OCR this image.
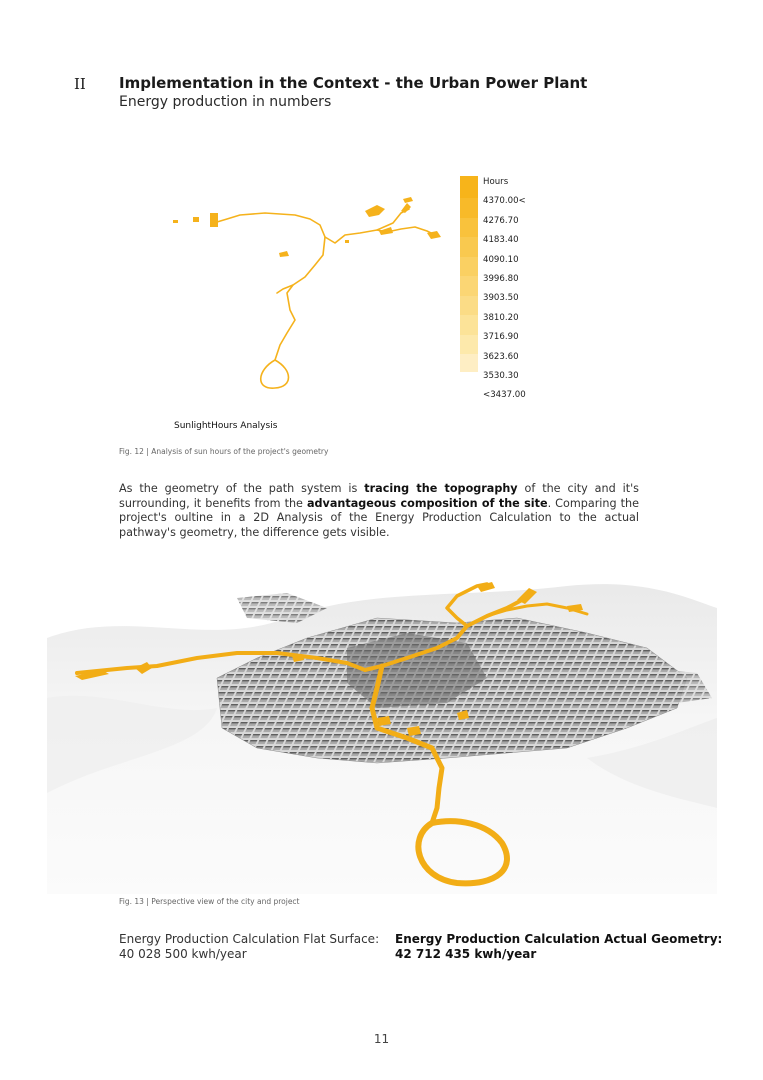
II Implementation in the Context - the Urban Power Plant
Energy production in numbers
Hours
4370.00<
4276.70
4183.40
4090.10
3996.80
3903.50
3810.20
3716.90
3623.60
3530.30
<3437.00
SunlightHours Analysis
Fig. 12 | Analysis of sun hours of the project's geometry
As the geometry of the path system is tracing the topography of the city and it's surrounding, it benefits from the advantageous composition of the site. Comparing the project's oultine in a 2D Analysis of the Energy Production Calculation to the actual pathway's geometry, the difference gets visible.
Fig. 13 | Perspective view of the city and project
Energy Production Calculation Flat Surface:
40 028 500 kwh/year
Energy Production Calculation Actual Geometry:
42 712 435 kwh/year
11
